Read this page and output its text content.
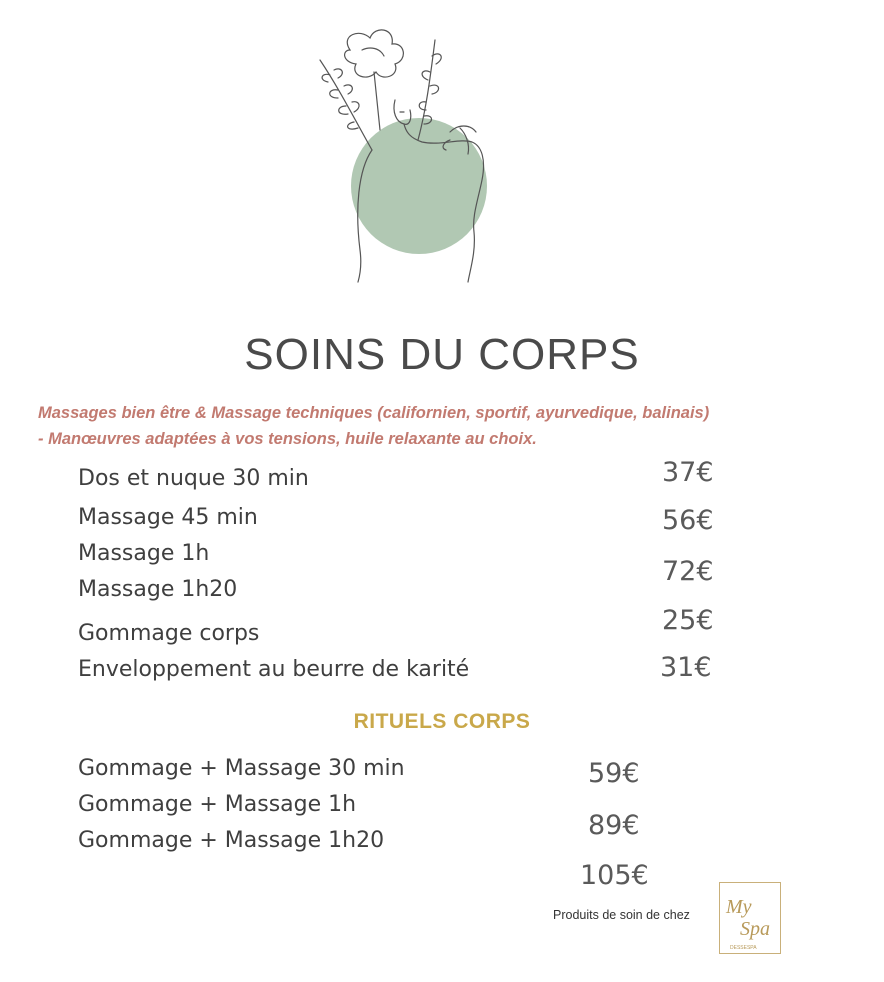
SOINS DU CORPS
Massages bien être & Massage techniques (californien, sportif, ayurvedique, balinais)
- Manœuvres adaptées à vos tensions, huile relaxante au choix.
Dos et nuque 30 min
Massage 45 min
Massage 1h
Massage 1h20
Gommage corps
Enveloppement au beurre de karité
37€
56€
72€
25€
31€
RITUELS CORPS
Gommage + Massage 30 min
Gommage + Massage 1h
Gommage + Massage 1h20
59€
89€
105€
Produits de soin de chez My
Spa
DESSESPA
